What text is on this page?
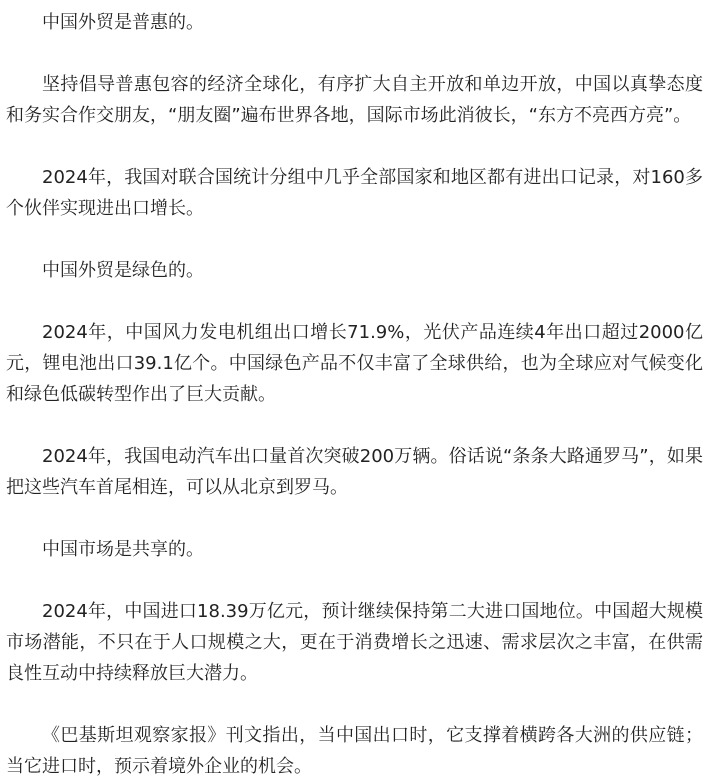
中国外贸是普惠的。

坚持倡导普惠包容的经济全球化，有序扩大自主开放和单边开放，中国以真挚态度和务实合作交朋友，“朋友圈”遍布世界各地，国际市场此消彼长，“东方不亮西方亮”。

2024年，我国对联合国统计分组中几乎全部国家和地区都有进出口记录，对160多个伙伴实现进出口增长。

中国外贸是绿色的。

2024年，中国风力发电机组出口增长71.9%，光伏产品连续4年出口超过2000亿元，锂电池出口39.1亿个。中国绿色产品不仅丰富了全球供给，也为全球应对气候变化和绿色低碳转型作出了巨大贡献。

2024年，我国电动汽车出口量首次突破200万辆。俗话说“条条大路通罗马”，如果把这些汽车首尾相连，可以从北京到罗马。

中国市场是共享的。

2024年，中国进口18.39万亿元，预计继续保持第二大进口国地位。中国超大规模市场潜能，不只在于人口规模之大，更在于消费增长之迅速、需求层次之丰富，在供需良性互动中持续释放巨大潜力。

《巴基斯坦观察家报》刊文指出，当中国出口时，它支撑着横跨各大洲的供应链；当它进口时，预示着境外企业的机会。
